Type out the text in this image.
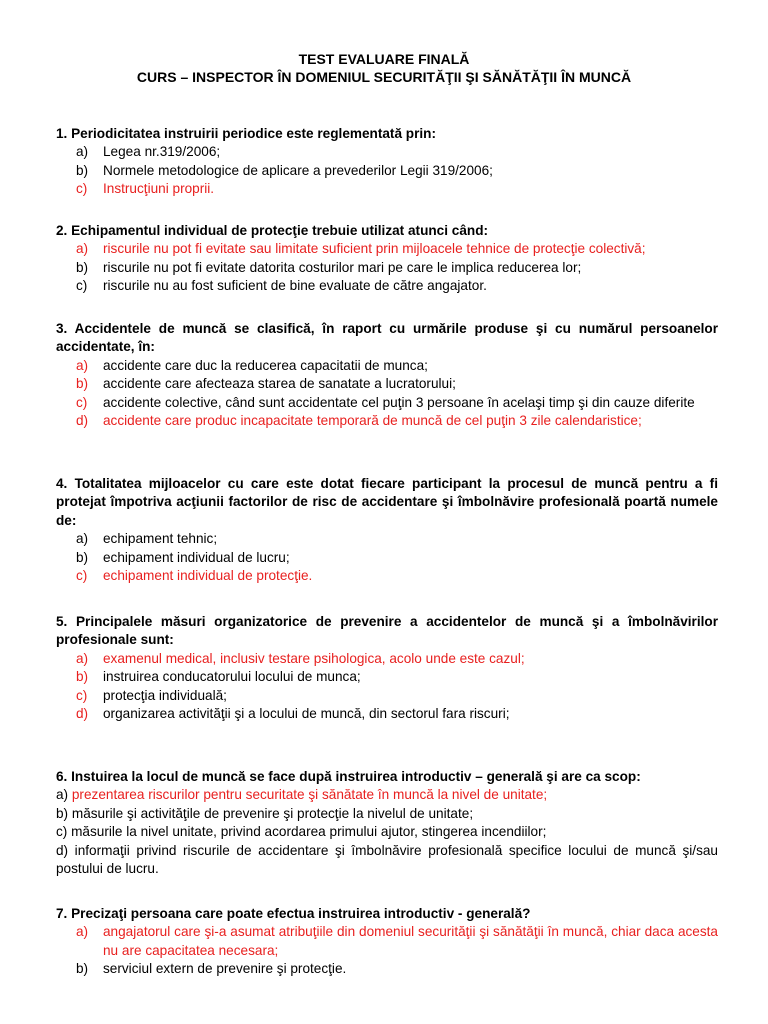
TEST EVALUARE FINALĂ
CURS – INSPECTOR ÎN DOMENIUL SECURITĂŢII ŞI SĂNĂTĂŢII ÎN MUNCĂ
1. Periodicitatea instruirii periodice este reglementată prin:
a) Legea nr.319/2006;
b) Normele metodologice de aplicare a prevederilor Legii 319/2006;
c) Instrucţiuni proprii.
2. Echipamentul individual de protecţie trebuie utilizat atunci când:
a) riscurile nu pot fi evitate sau limitate suficient prin mijloacele tehnice de protecţie colectivă;
b) riscurile nu pot fi evitate datorita costurilor mari pe care le implica reducerea lor;
c) riscurile nu au fost suficient de bine evaluate de către angajator.
3. Accidentele de muncă se clasifică, în raport cu urmările produse şi cu numărul persoanelor accidentate, în:
a) accidente care duc la reducerea capacitatii de munca;
b) accidente care afecteaza starea de sanatate a lucratorului;
c) accidente colective, când sunt accidentate cel puţin 3 persoane în acelaşi timp şi din cauze diferite
d) accidente care produc incapacitate temporară de muncă de cel puţin 3 zile calendaristice;
4. Totalitatea mijloacelor cu care este dotat fiecare participant la procesul de muncă pentru a fi protejat împotriva acţiunii factorilor de risc de accidentare şi îmbolnăvire profesională poartă numele de:
a) echipament tehnic;
b) echipament individual de lucru;
c) echipament individual de protecţie.
5. Principalele măsuri organizatorice de prevenire a accidentelor de muncă şi a îmbolnăvirilor profesionale sunt:
a) examenul medical, inclusiv testare psihologica, acolo unde este cazul;
b) instruirea conducatorului locului de munca;
c) protecţia individuală;
d) organizarea activităţii şi a locului de muncă, din sectorul fara riscuri;
6. Instuirea la locul de muncă se face după instruirea introductiv – generală şi are ca scop:
a) prezentarea riscurilor pentru securitate şi sănătate în muncă la nivel de unitate;
b) măsurile şi activităţile de prevenire şi protecţie la nivelul de unitate;
c) măsurile la nivel unitate, privind acordarea primului ajutor, stingerea incendiilor;
d) informaţii privind riscurile de accidentare şi îmbolnăvire profesională specifice locului de muncă şi/sau postului de lucru.
7. Precizaţi persoana care poate efectua instruirea introductiv - generală?
a) angajatorul care şi-a asumat atribuţiile din domeniul securităţii şi sănătăţii în muncă, chiar daca acesta nu are capacitatea necesara;
b) serviciul extern de prevenire şi protecţie.
